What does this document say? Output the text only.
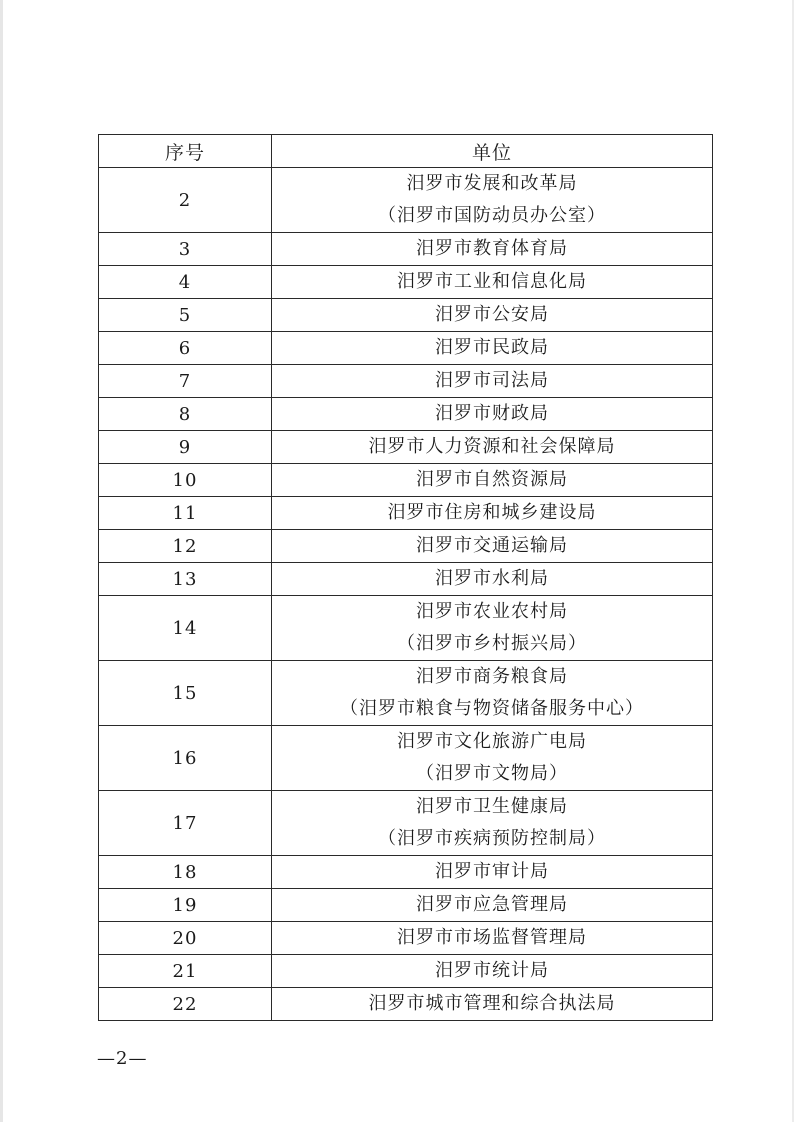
序号	单位
2	汨罗市发展和改革局
（汨罗市国防动员办公室）

3	汨罗市教育体育局

4	汨罗市工业和信息化局

5	汨罗市公安局

6	汨罗市民政局

7	汨罗市司法局

8	汨罗市财政局

9	汨罗市人力资源和社会保障局

10	汨罗市自然资源局

11	汨罗市住房和城乡建设局

12	汨罗市交通运输局

13	汨罗市水利局

14	汨罗市农业农村局
（汨罗市乡村振兴局）

15	汨罗市商务粮食局
（汨罗市粮食与物资储备服务中心）

16	汨罗市文化旅游广电局
（汨罗市文物局）

17	汨罗市卫生健康局
（汨罗市疾病预防控制局）

18	汨罗市审计局

19	汨罗市应急管理局

20	汨罗市市场监督管理局

21	汨罗市统计局

22	汨罗市城市管理和综合执法局
—2—
